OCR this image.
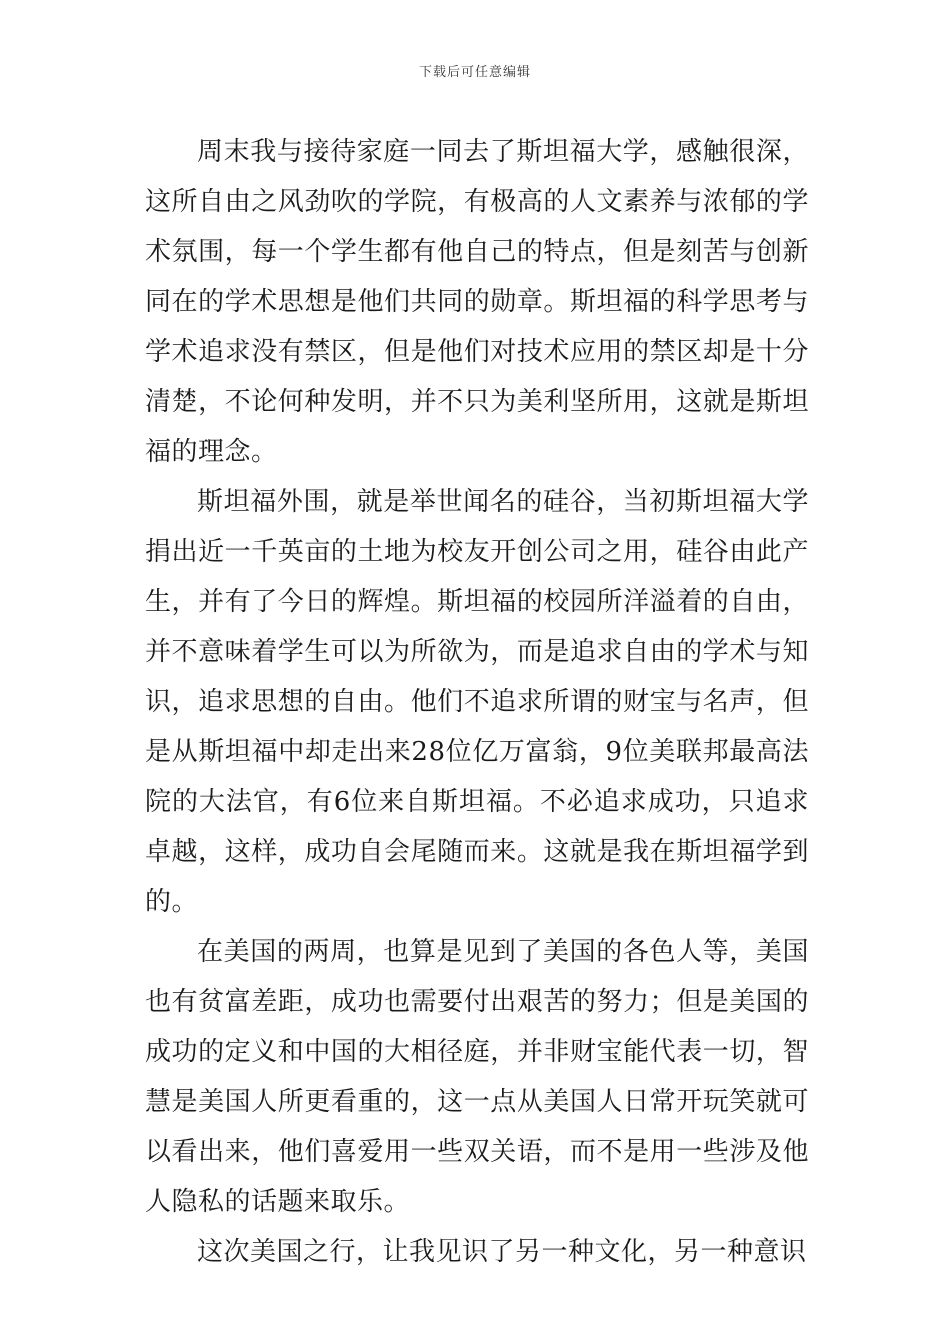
下载后可任意编辑

周末我与接待家庭一同去了斯坦福大学，感触很深，这所自由之风劲吹的学院，有极高的人文素养与浓郁的学术氛围，每一个学生都有他自己的特点，但是刻苦与创新同在的学术思想是他们共同的勋章。斯坦福的科学思考与学术追求没有禁区，但是他们对技术应用的禁区却是十分清楚，不论何种发明，并不只为美利坚所用，这就是斯坦福的理念。

斯坦福外围，就是举世闻名的硅谷，当初斯坦福大学捐出近一千英亩的土地为校友开创公司之用，硅谷由此产生，并有了今日的辉煌。斯坦福的校园所洋溢着的自由，并不意味着学生可以为所欲为，而是追求自由的学术与知识，追求思想的自由。他们不追求所谓的财宝与名声，但是从斯坦福中却走出来28位亿万富翁，9位美联邦最高法院的大法官，有6位来自斯坦福。不必追求成功，只追求卓越，这样，成功自会尾随而来。这就是我在斯坦福学到的。

在美国的两周，也算是见到了美国的各色人等，美国也有贫富差距，成功也需要付出艰苦的努力；但是美国的成功的定义和中国的大相径庭，并非财宝能代表一切，智慧是美国人所更看重的，这一点从美国人日常开玩笑就可以看出来，他们喜爱用一些双关语，而不是用一些涉及他人隐私的话题来取乐。

这次美国之行，让我见识了另一种文化，另一种意识
